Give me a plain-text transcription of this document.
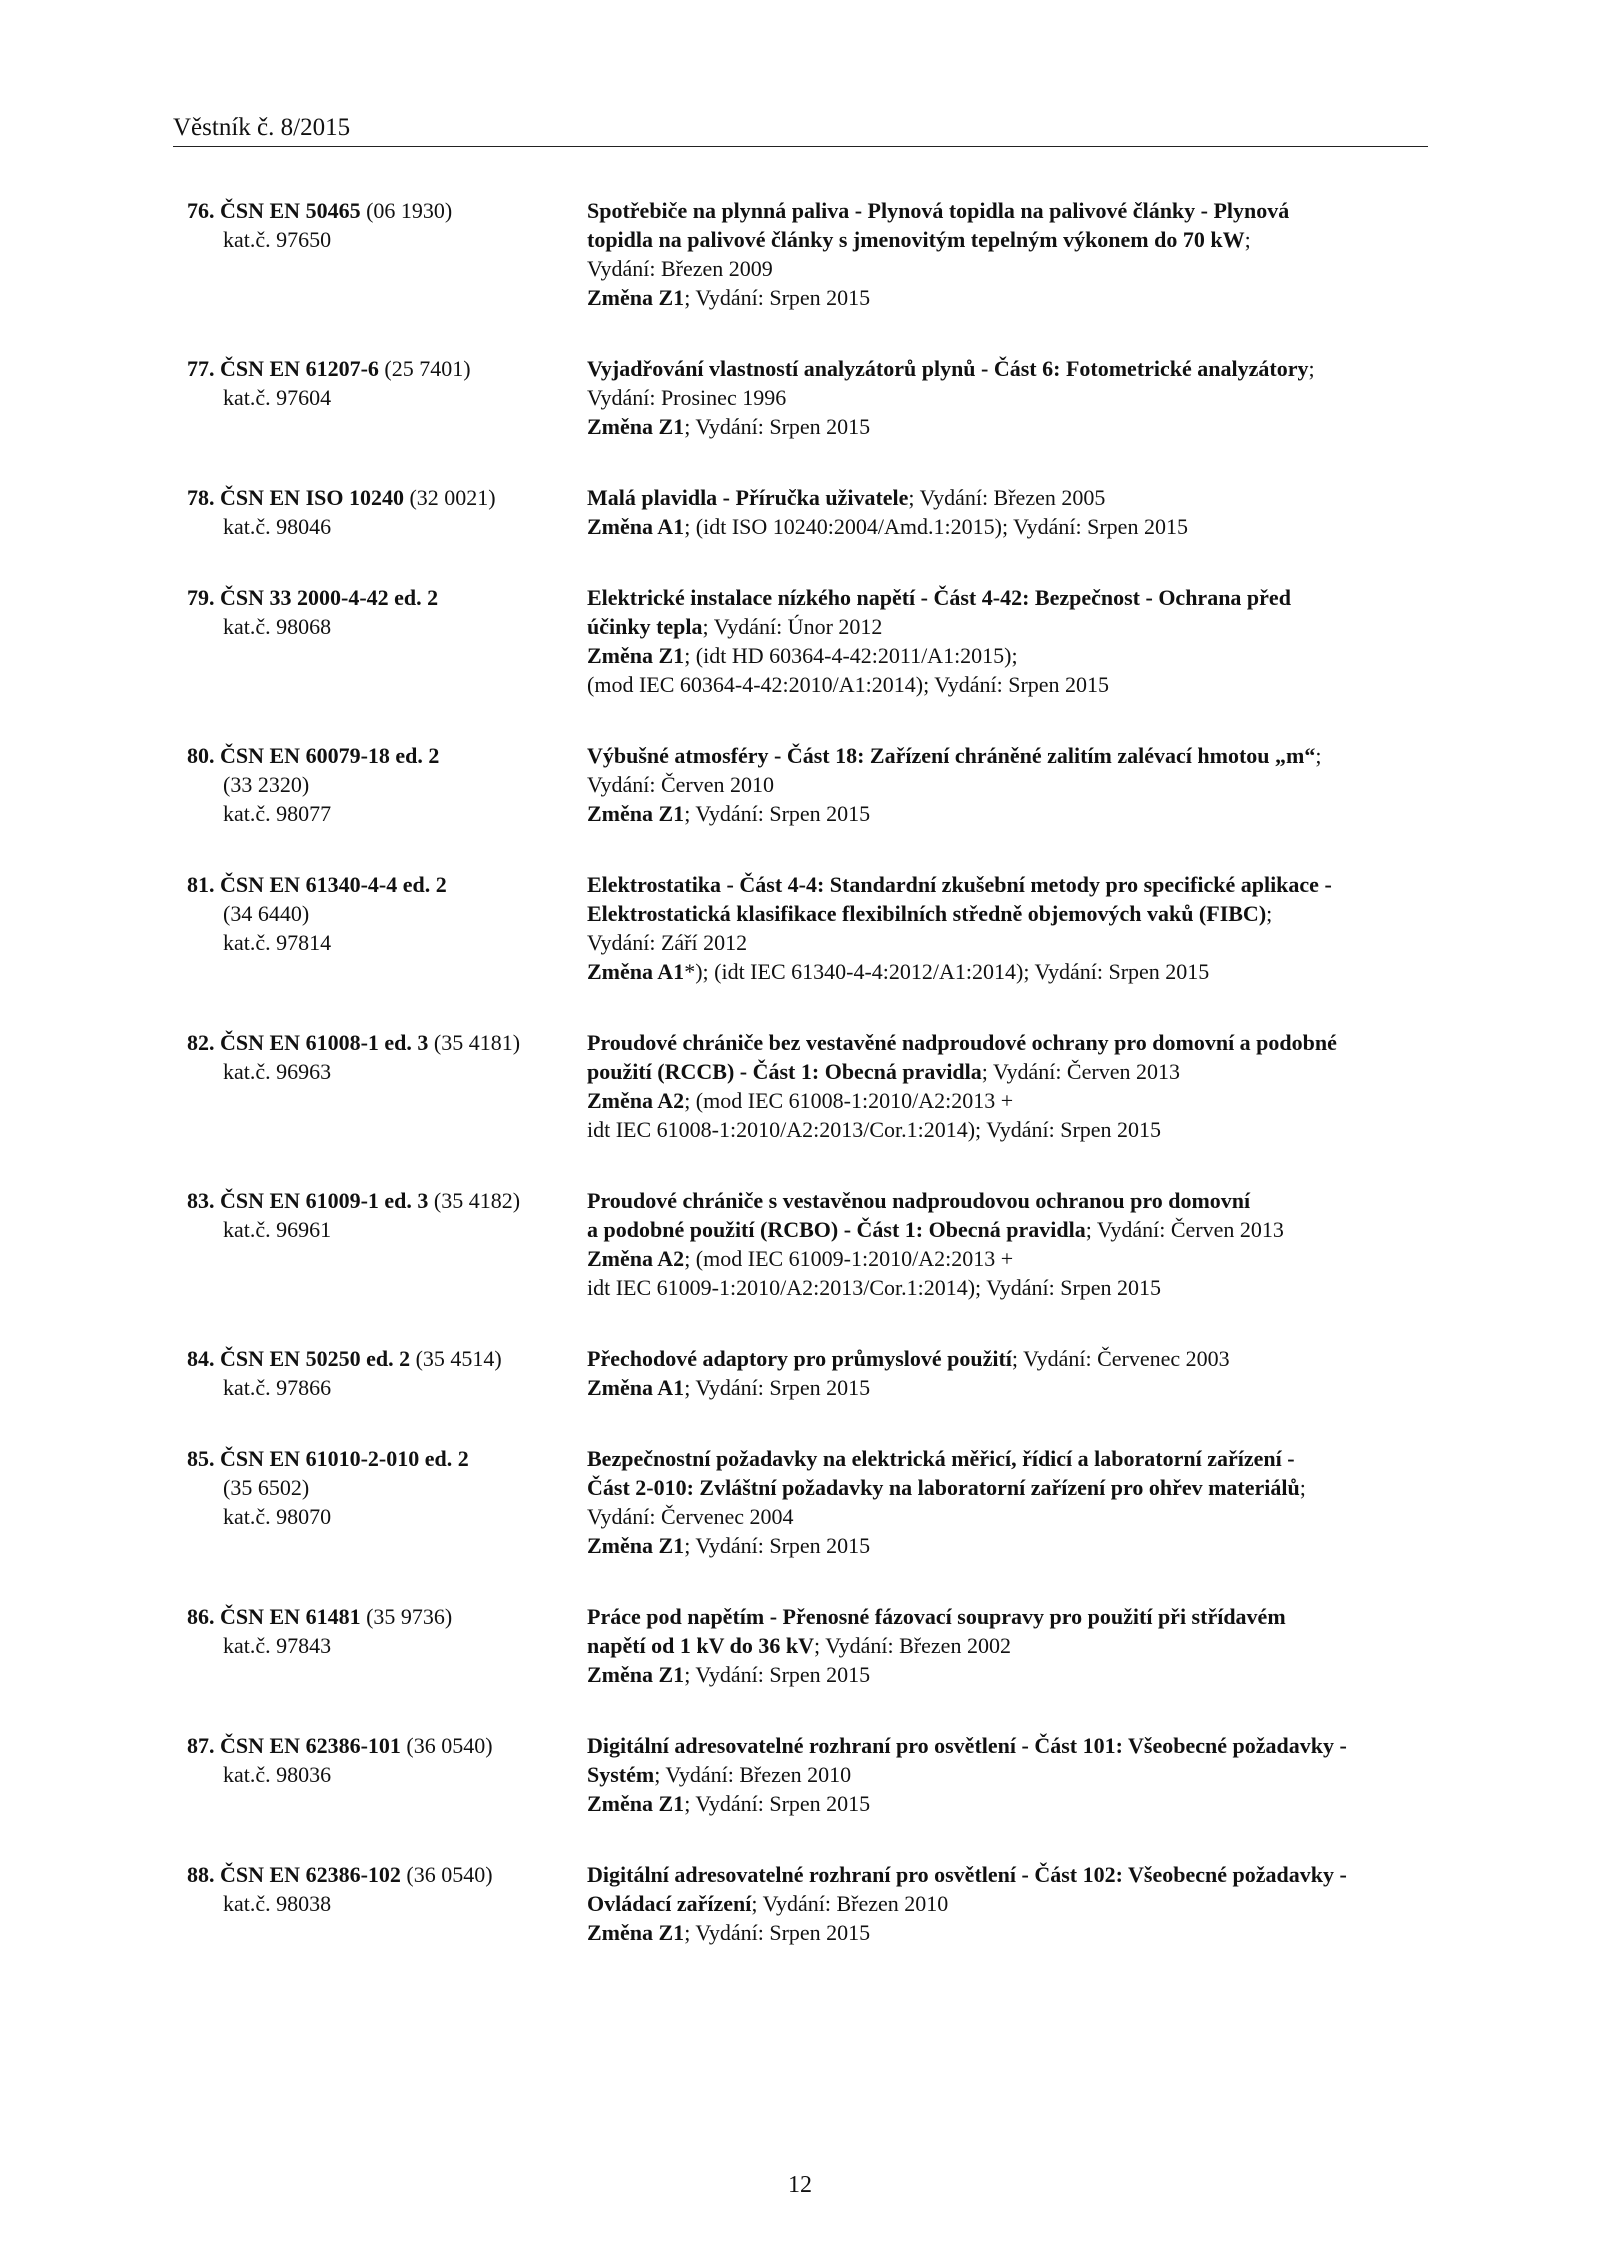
Věstník č. 8/2015
76. ČSN EN 50465 (06 1930)
kat.č. 97650
Spotřebiče na plynná paliva - Plynová topidla na palivové články - Plynová
topidla na palivové články s jmenovitým tepelným výkonem do 70 kW;
Vydání: Březen 2009
Změna Z1; Vydání: Srpen 2015
77. ČSN EN 61207-6 (25 7401)
kat.č. 97604
Vyjadřování vlastností analyzátorů plynů - Část 6: Fotometrické analyzátory;
Vydání: Prosinec 1996
Změna Z1; Vydání: Srpen 2015
78. ČSN EN ISO 10240 (32 0021)
kat.č. 98046
Malá plavidla - Příručka uživatele; Vydání: Březen 2005
Změna A1; (idt ISO 10240:2004/Amd.1:2015); Vydání: Srpen 2015
79. ČSN 33 2000-4-42 ed. 2
kat.č. 98068
Elektrické instalace nízkého napětí - Část 4-42: Bezpečnost - Ochrana před
účinky tepla; Vydání: Únor 2012
Změna Z1; (idt HD 60364-4-42:2011/A1:2015);
(mod IEC 60364-4-42:2010/A1:2014); Vydání: Srpen 2015
80. ČSN EN 60079-18 ed. 2
(33 2320)
kat.č. 98077
Výbušné atmosféry - Část 18: Zařízení chráněné zalitím zalévací hmotou „m“;
Vydání: Červen 2010
Změna Z1; Vydání: Srpen 2015
81. ČSN EN 61340-4-4 ed. 2
(34 6440)
kat.č. 97814
Elektrostatika - Část 4-4: Standardní zkušební metody pro specifické aplikace -
Elektrostatická klasifikace flexibilních středně objemových vaků (FIBC);
Vydání: Září 2012
Změna A1*); (idt IEC 61340-4-4:2012/A1:2014); Vydání: Srpen 2015
82. ČSN EN 61008-1 ed. 3 (35 4181)
kat.č. 96963
Proudové chrániče bez vestavěné nadproudové ochrany pro domovní a podobné
použití (RCCB) - Část 1: Obecná pravidla; Vydání: Červen 2013
Změna A2; (mod IEC 61008-1:2010/A2:2013 +
idt IEC 61008-1:2010/A2:2013/Cor.1:2014); Vydání: Srpen 2015
83. ČSN EN 61009-1 ed. 3 (35 4182)
kat.č. 96961
Proudové chrániče s vestavěnou nadproudovou ochranou pro domovní
a podobné použití (RCBO) - Část 1: Obecná pravidla; Vydání: Červen 2013
Změna A2; (mod IEC 61009-1:2010/A2:2013 +
idt IEC 61009-1:2010/A2:2013/Cor.1:2014); Vydání: Srpen 2015
84. ČSN EN 50250 ed. 2 (35 4514)
kat.č. 97866
Přechodové adaptory pro průmyslové použití; Vydání: Červenec 2003
Změna A1; Vydání: Srpen 2015
85. ČSN EN 61010-2-010 ed. 2
(35 6502)
kat.č. 98070
Bezpečnostní požadavky na elektrická měřicí, řídicí a laboratorní zařízení -
Část 2-010: Zvláštní požadavky na laboratorní zařízení pro ohřev materiálů;
Vydání: Červenec 2004
Změna Z1; Vydání: Srpen 2015
86. ČSN EN 61481 (35 9736)
kat.č. 97843
Práce pod napětím - Přenosné fázovací soupravy pro použití při střídavém
napětí od 1 kV do 36 kV; Vydání: Březen 2002
Změna Z1; Vydání: Srpen 2015
87. ČSN EN 62386-101 (36 0540)
kat.č. 98036
Digitální adresovatelné rozhraní pro osvětlení - Část 101: Všeobecné požadavky -
Systém; Vydání: Březen 2010
Změna Z1; Vydání: Srpen 2015
88. ČSN EN 62386-102 (36 0540)
kat.č. 98038
Digitální adresovatelné rozhraní pro osvětlení - Část 102: Všeobecné požadavky -
Ovládací zařízení; Vydání: Březen 2010
Změna Z1; Vydání: Srpen 2015
12
